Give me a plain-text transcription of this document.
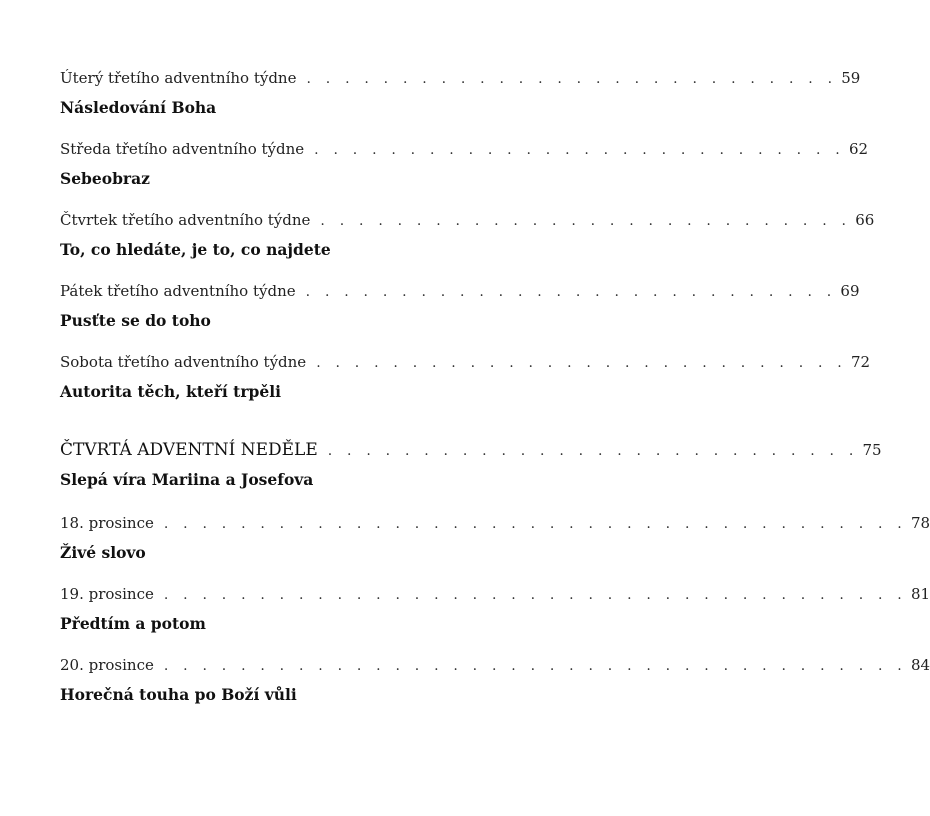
Úterý třetího adventního týdne . . . . . . . . . . . . . . . . . . . . . . . . . . . . 59
Následování Boha
Středa třetího adventního týdne . . . . . . . . . . . . . . . . . . . . . . . . . . . . 62
Sebeobraz
Čtvrtek třetího adventního týdne . . . . . . . . . . . . . . . . . . . . . . . . . . . . 66
To, co hledáte, je to, co najdete
Pátek třetího adventního týdne . . . . . . . . . . . . . . . . . . . . . . . . . . . . 69
Pusťte se do toho
Sobota třetího adventního týdne . . . . . . . . . . . . . . . . . . . . . . . . . . . . 72
Autorita těch, kteří trpěli
ČTVRTÁ ADVENTNÍ NEDĚLE . . . . . . . . . . . . . . . . . . . . . . . . . . . . 75
Slepá víra Mariina a Josefova
18. prosince . . . . . . . . . . . . . . . . . . . . . . . . . . . . . . . . . . . . . . . 78
Živé slovo
19. prosince . . . . . . . . . . . . . . . . . . . . . . . . . . . . . . . . . . . . . . . 81
Předtím a potom
20. prosince . . . . . . . . . . . . . . . . . . . . . . . . . . . . . . . . . . . . . . . 84
Horečná touha po Boží vůli
